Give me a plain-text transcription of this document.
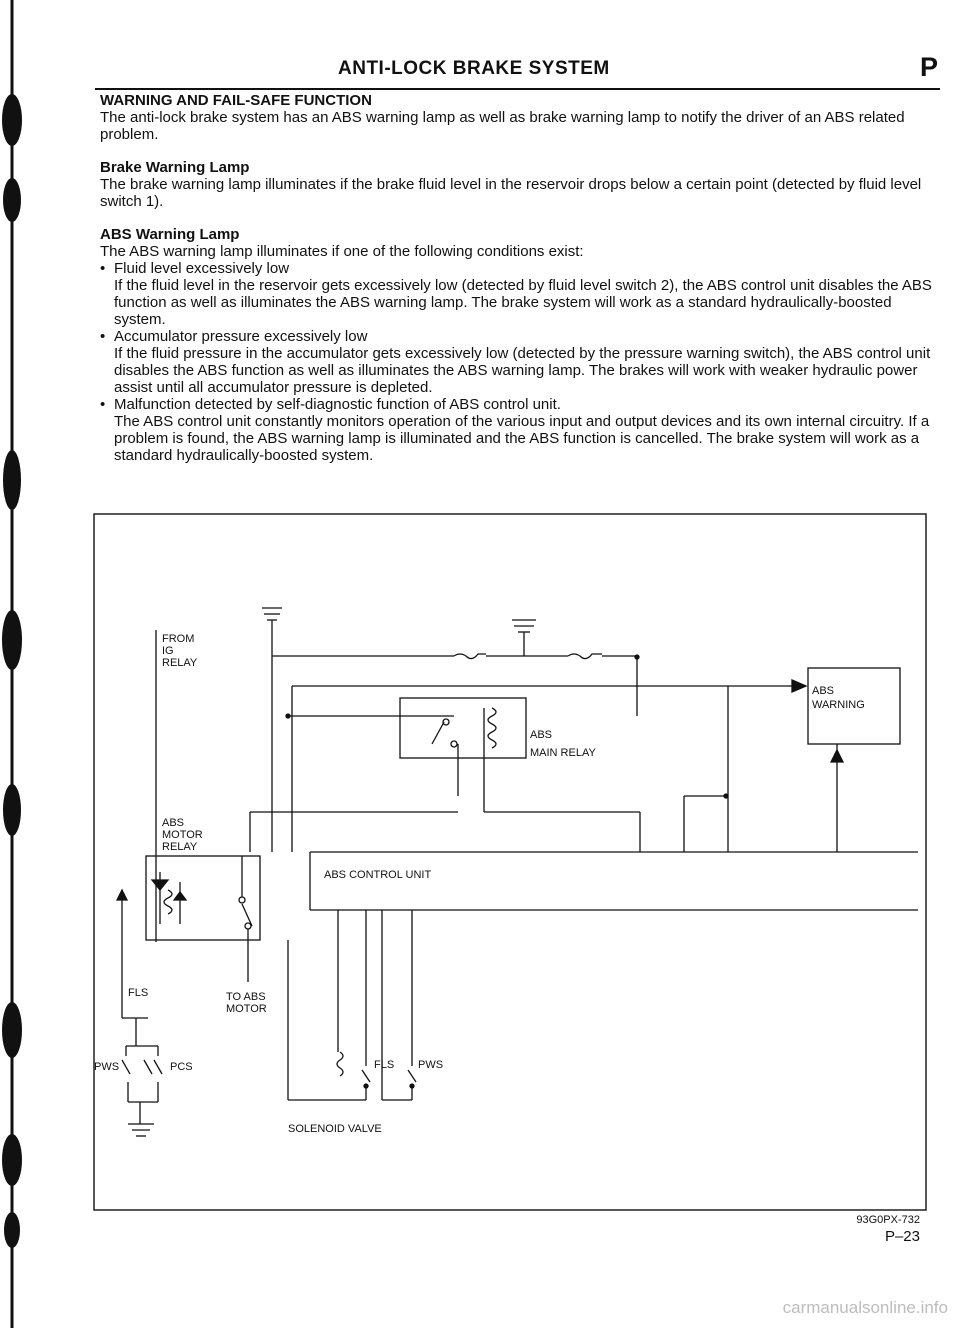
ANTI-LOCK BRAKE SYSTEM	P
WARNING AND FAIL-SAFE FUNCTION

The anti-lock brake system has an ABS warning lamp as well as brake warning lamp to notify the driver of an ABS related problem.

Brake Warning Lamp

The brake warning lamp illuminates if the brake fluid level in the reservoir drops below a certain point (detected by fluid level switch 1).

ABS Warning Lamp

The ABS warning lamp illuminates if one of the following conditions exist:

• Fluid level excessively low

If the fluid level in the reservoir gets excessively low (detected by fluid level switch 2), the ABS control unit disables the ABS function as well as illuminates the ABS warning lamp. The brake system will work as a standard hydraulically-boosted system.

• Accumulator pressure excessively low

If the fluid pressure in the accumulator gets excessively low (detected by the pressure warning switch), the ABS control unit disables the ABS function as well as illuminates the ABS warning lamp. The brakes will work with weaker hydraulic power assist until all accumulator pressure is depleted.

• Malfunction detected by self-diagnostic function of ABS control unit.

The ABS control unit constantly monitors operation of the various input and output devices and its own internal circuitry. If a problem is found, the ABS warning lamp is illuminated and the ABS function is cancelled. The brake system will work as a standard hydraulically-boosted system.

FROM
IG
RELAY
ABS
WARNING
ABS
MAIN RELAY
ABS
MOTOR
RELAY
ABS CONTROL UNIT
FLS
PWS	PCS
TO ABS
MOTOR
FLS PWS
SOLENOID VALVE
93G0PX-732
P–23
carmanualsonline.info
